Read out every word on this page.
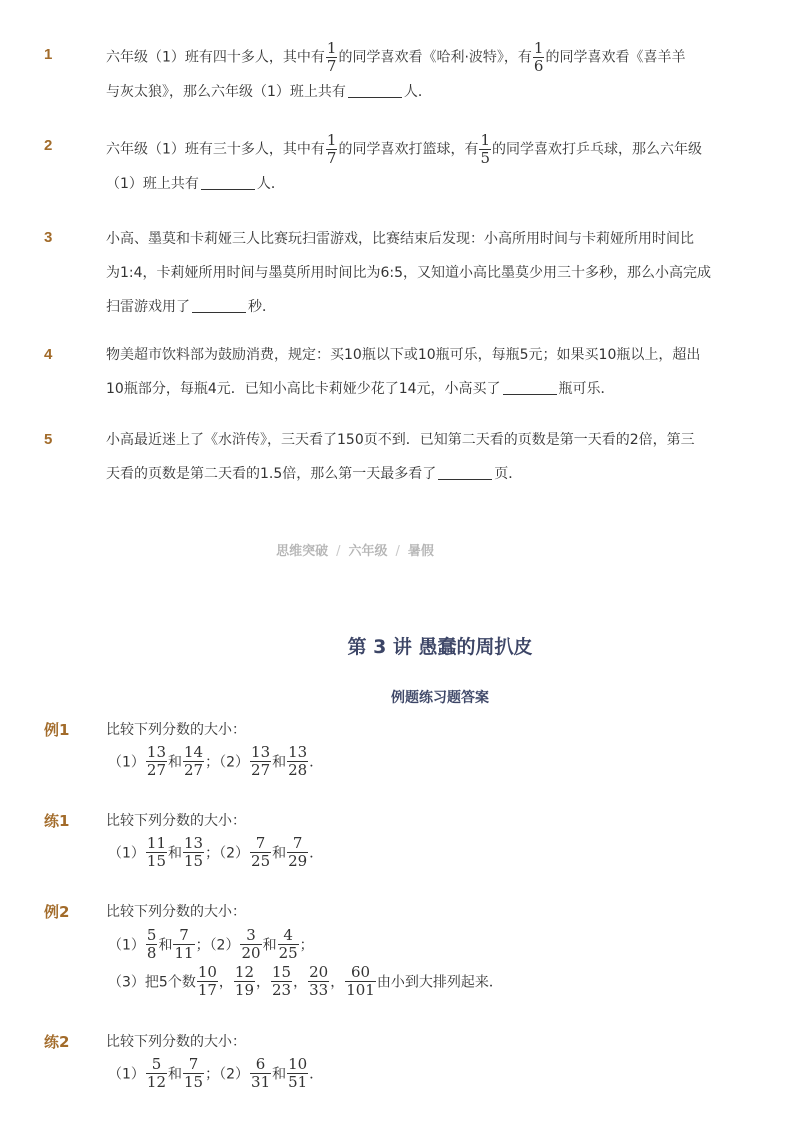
1	六年级（1）班有四十多人，其中有 $\frac{1}{7}$ 的同学喜欢看《哈利·波特》，有 $\frac{1}{6}$ 的同学喜欢看《喜羊羊
与灰太狼》，那么六年级（1）班上共有	人．
2	六年级（1）班有三十多人，其中有 $\frac{1}{7}$ 的同学喜欢打篮球，有 $\frac{1}{5}$ 的同学喜欢打乒乓球，那么六年级
（1）班上共有	人．
3	小高、墨莫和卡莉娅三人比赛玩扫雷游戏，比赛结束后发现：小高所用时间与卡莉娅所用时间比
为1:4，卡莉娅所用时间与墨莫所用时间比为6:5，又知道小高比墨莫少用三十多秒，那么小高完成
扫雷游戏用了	秒．
4	物美超市饮料部为鼓励消费，规定：买10瓶以下或10瓶可乐，每瓶5元；如果买10瓶以上，超出
10瓶部分，每瓶4元．已知小高比卡莉娅少花了14元，小高买了	瓶可乐．
5	小高最近迷上了《水浒传》，三天看了150页不到．已知第二天看的页数是第一天看的2倍，第三
天看的页数是第二天看的1.5倍，那么第一天最多看了	页．
思维突破 / 六年级 / 暑假
第 3 讲 愚蠢的周扒皮
例题练习题答案
例1	比较下列分数的大小：
$(1) \frac{13}{27}$ 和 $\frac{14}{27}$ ；$(2) \frac{13}{27}$ 和 $\frac{13}{28}$ ．
练1	比较下列分数的大小：
$(1) \frac{11}{15}$ 和 $\frac{13}{15}$ ；$(2) \frac{7}{25}$ 和 $\frac{7}{29}$ ．
例2	比较下列分数的大小：
$(1) \frac{5}{8}$ 和 $\frac{7}{11}$ ；$(2) \frac{3}{20}$ 和 $\frac{4}{25}$ ；
（3）把5个数 $\frac{10}{17}$ ， $\frac{12}{19}$ ， $\frac{15}{23}$ ， $\frac{20}{33}$ ， $\frac{60}{101}$ 由小到大排列起来．
练2	比较下列分数的大小：
$(1) \frac{5}{12}$ 和 $\frac{7}{15}$ ；$(2) \frac{6}{31}$ 和 $\frac{10}{51}$ ．
